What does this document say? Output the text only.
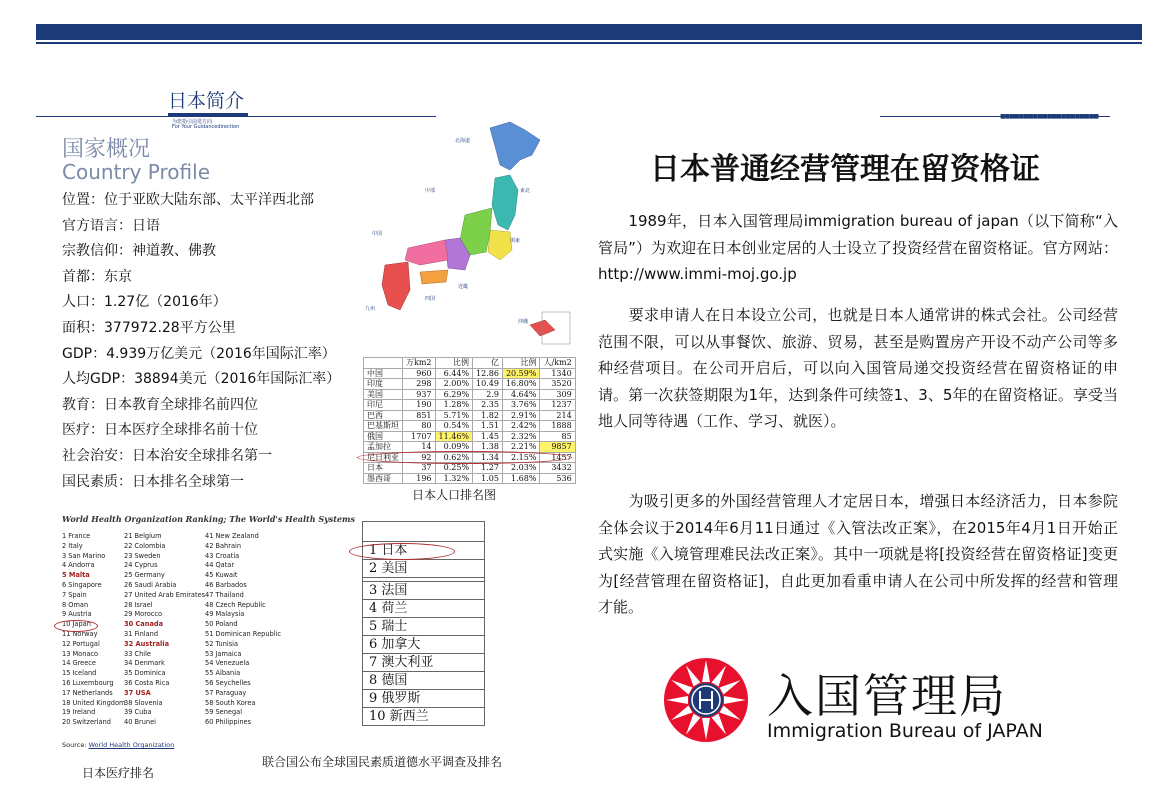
日本简介
为您指引前进方向
For Your Guidancedirection
■■■■■■■■■■■■■■■■■■■■■
国家概况
Country Profile
位置：位于亚欧大陆东部、太平洋西北部
官方语言：日语
宗教信仰：神道教、佛教
首都：东京
人口：1.27亿（2016年）
面积：377972.28平方公里
GDP：4.939万亿美元（2016年国际汇率）
人均GDP：38894美元（2016年国际汇率）
教育：日本教育全球排名前四位
医疗：日本医疗全球排名前十位
社会治安：日本治安全球排名第一
国民素质：日本排名全球第一
北海道
東北
中部
関東
中国
四国
九州
沖縄
近畿
	万km2	比例	亿	比例	人/km2
中国	960	6.44%	12.86	20.59%	1340
印度	298	2.00%	10.49	16.80%	3520
美国	937	6.29%	2.9	4.64%	309
印尼	190	1.28%	2.35	3.76%	1237
巴西	851	5.71%	1.82	2.91%	214
巴基斯坦	80	0.54%	1.51	2.42%	1888
俄国	1707	11.46%	1.45	2.32%	85
孟加拉	14	0.09%	1.38	2.21%	9857
尼日利亚	92	0.62%	1.34	2.15%	1457
日本	37	0.25%	1.27	2.03%	3432
墨西哥	196	1.32%	1.05	1.68%	536
日本人口排名图
World Health Organization Ranking; The World's Health Systems
1 France
2 Italy
3 San Marino
4 Andorra
5 Malta
6 Singapore
7 Spain
8 Oman
9 Austria
10 Japan
11 Norway
12 Portugal
13 Monaco
14 Greece
15 Iceland
16 Luxembourg
17 Netherlands
18 United Kingdom
19 Ireland
20 Switzerland
21 Belgium
22 Colombia
23 Sweden
24 Cyprus
25 Germany
26 Saudi Arabia
27 United Arab Emirates
28 Israel
29 Morocco
30 Canada
31 Finland
32 Australia
33 Chile
34 Denmark
35 Dominica
36 Costa Rica
37 USA
38 Slovenia
39 Cuba
40 Brunei
41 New Zealand
42 Bahrain
43 Croatia
44 Qatar
45 Kuwait
46 Barbados
47 Thailand
48 Czech Republic
49 Malaysia
50 Poland
51 Dominican Republic
52 Tunisia
53 Jamaica
54 Venezuela
55 Albania
56 Seychelles
57 Paraguay
58 South Korea
59 Senegal
60 Philippines
Source: World Health Organization
日本医疗排名

1 日本
2 美国

3 法国
4 荷兰
5 瑞士
6 加拿大
7 澳大利亚
8 德国
9 俄罗斯
10 新西兰
联合国公布全球国民素质道德水平调查及排名
日本普通经营管理在留资格证
　　1989年，日本入国管理局immigration bureau of japan（以下简称“入管局”）为欢迎在日本创业定居的人士设立了投资经营在留资格证。官方网站：http://www.immi-moj.go.jp
　　要求申请人在日本设立公司，也就是日本人通常讲的株式会社。公司经营范围不限，可以从事餐饮、旅游、贸易，甚至是购置房产开设不动产公司等多种经营项目。在公司开启后，可以向入国管局递交投资经营在留资格证的申请。第一次获签期限为1年，达到条件可续签1、3、5年的在留资格证。享受当地人同等待遇（工作、学习、就医）。
　　为吸引更多的外国经营管理人才定居日本，增强日本经济活力，日本参院全体会议于2014年6月11日通过《入管法改正案》，在2015年4月1日开始正式实施《入境管理难民法改正案》。其中一项就是将[投资经营在留资格证]变更为[经营管理在留资格证]，自此更加看重申请人在公司中所发挥的经营和管理才能。
入国管理局
Immigration Bureau of JAPAN
